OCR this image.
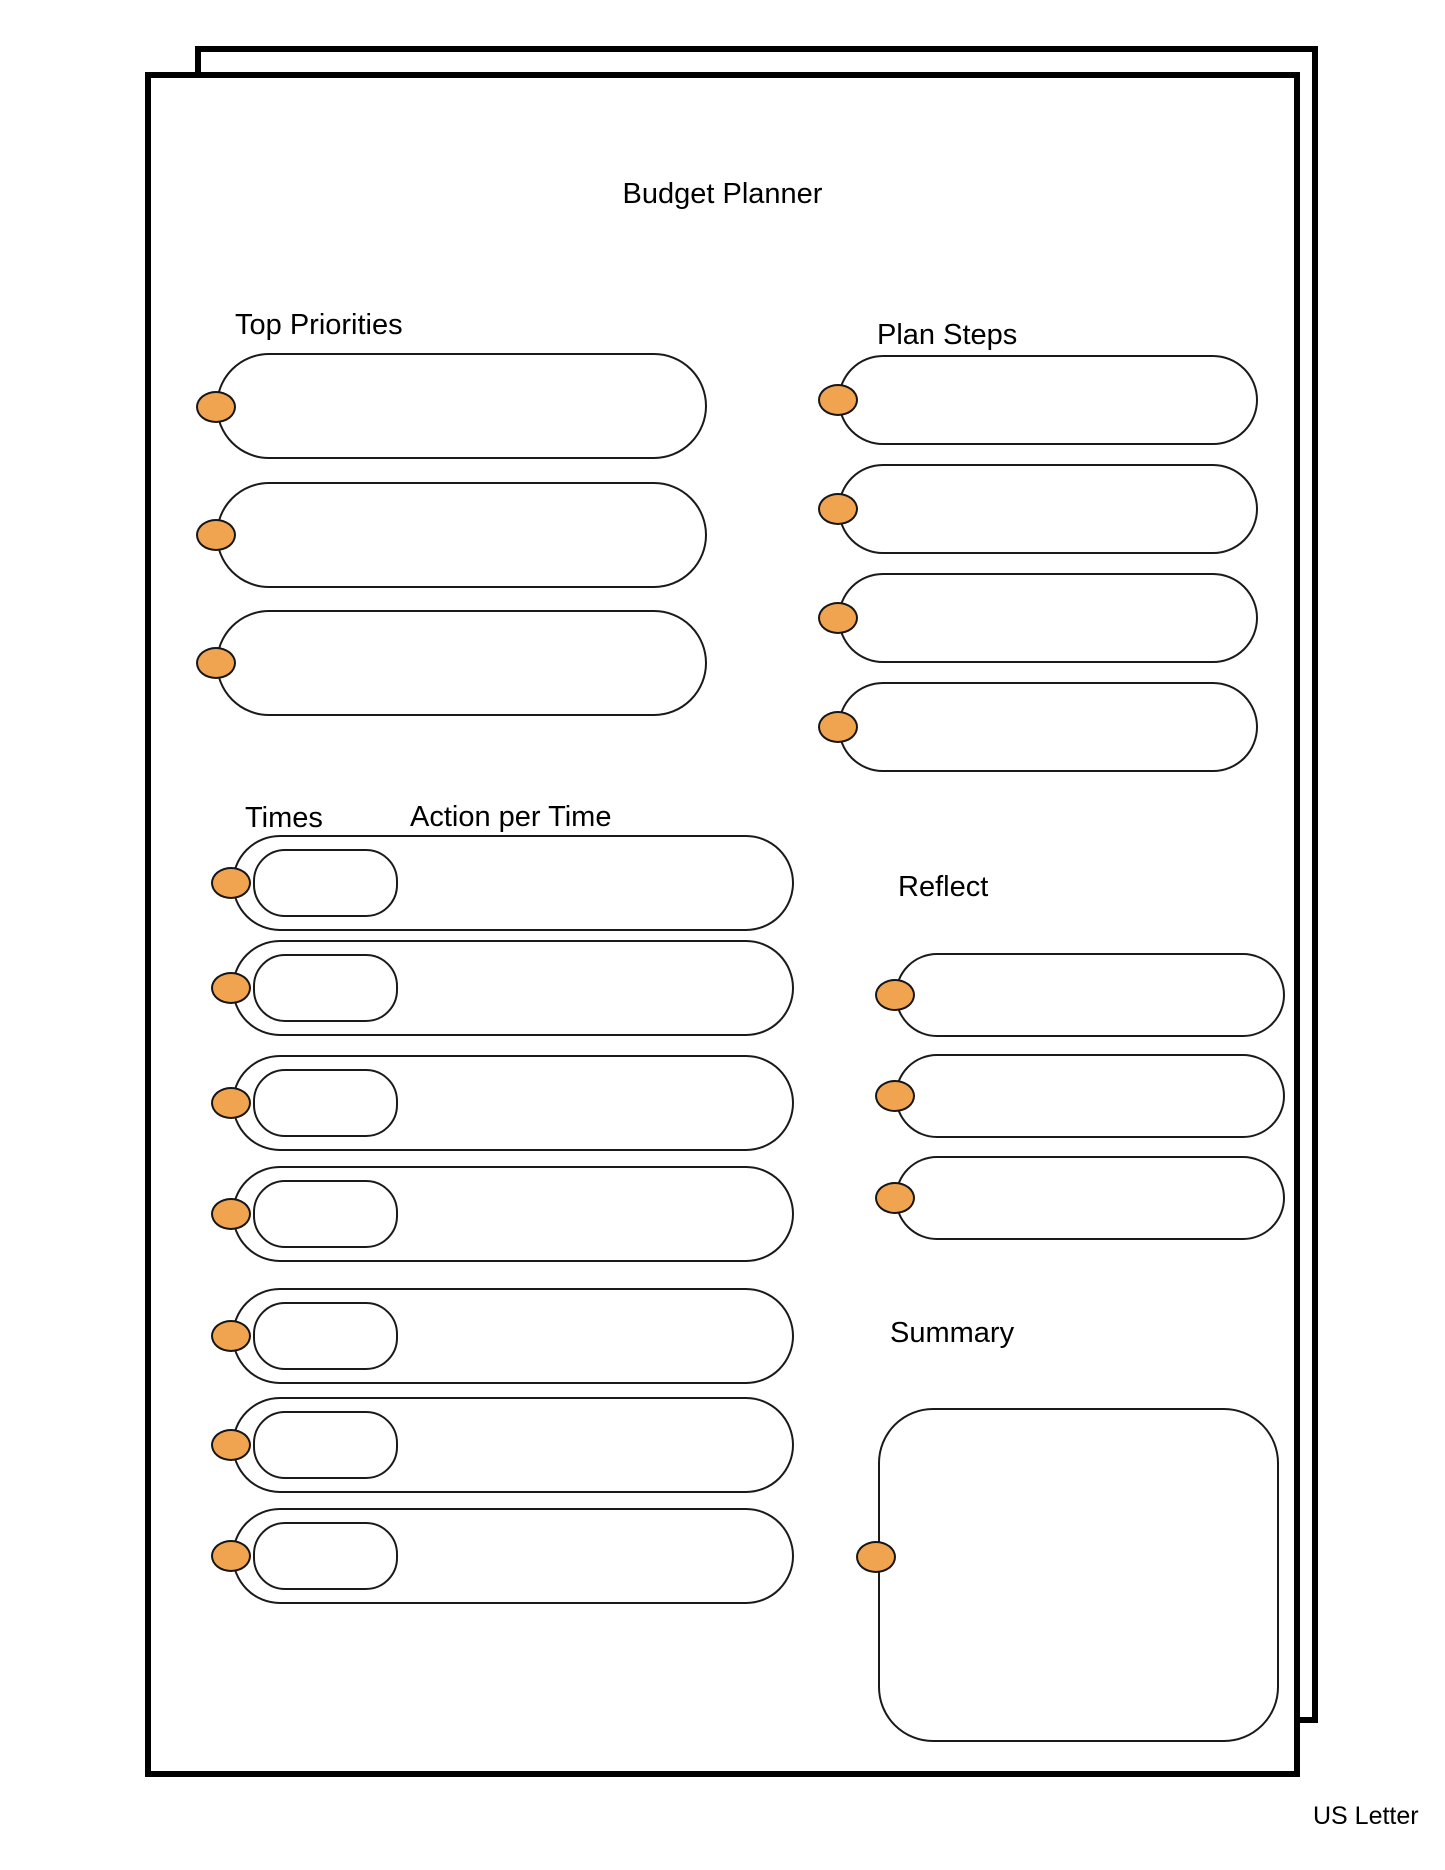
Budget Planner
Top Priorities	Plan Steps
Times	Action per Time
Reflect
Summary
US Letter
